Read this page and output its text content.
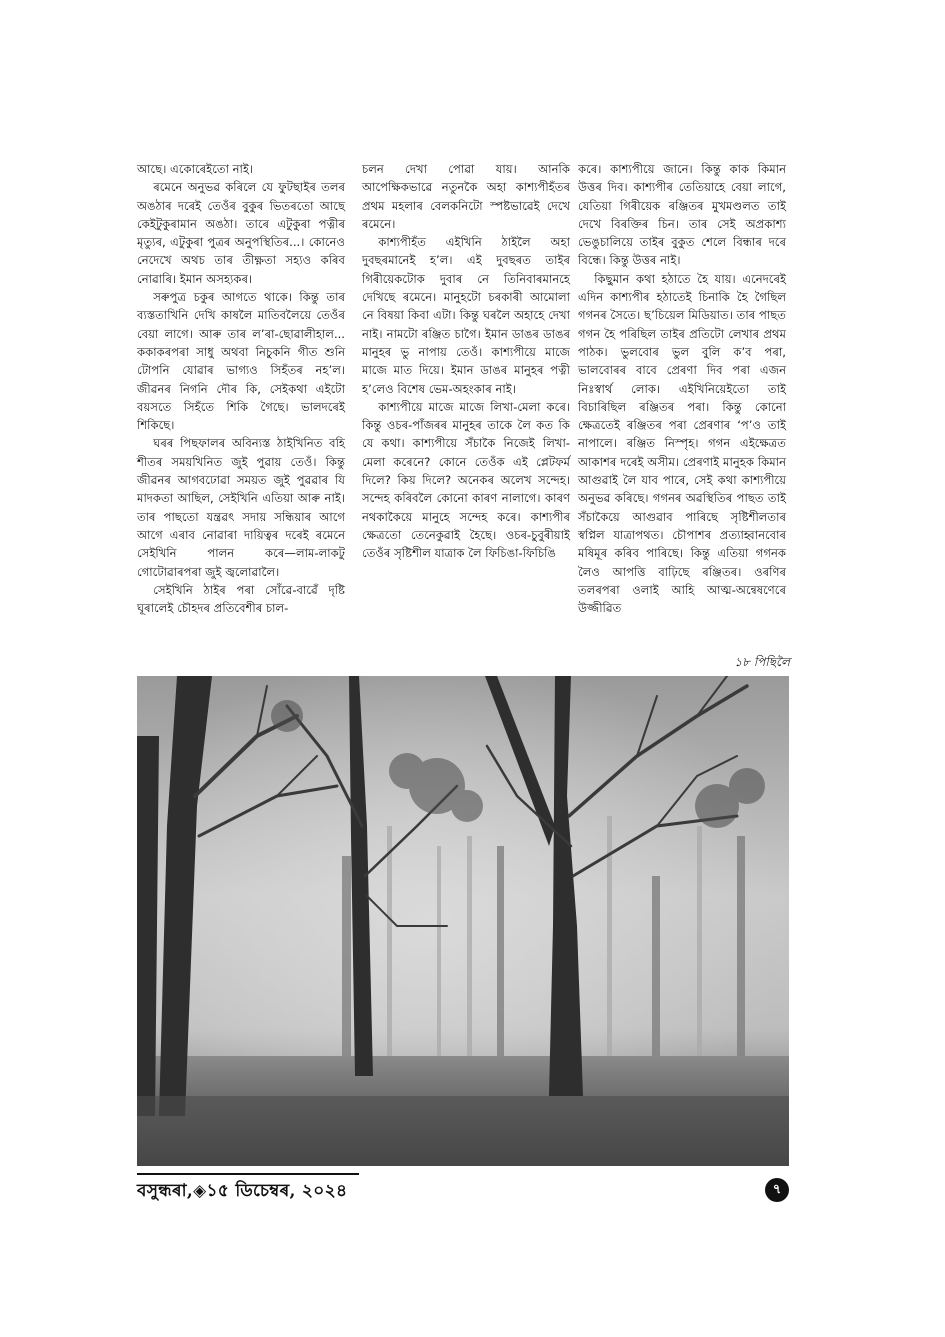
আছে। একোৰেইতো নাই।

ৰমেনে অনুভৱ কৰিলে যে ফুটছাইৰ তলৰ অঙঠাৰ দৰেই তেওঁৰ বুকুৰ ভিতৰতো আছে কেইটুকুৰামান অঙঠা। তাৰে এটুকুৰা পত্নীৰ মৃত্যুৰ, এটুকুৰা পুত্ৰৰ অনুপস্থিতিৰ...। কোনেও নেদেখে অথচ তাৰ তীক্ষ্ণতা সহ্যও কৰিব নোৱাৰি। ইমান অসহ্যকৰ।

সৰুপুত্ৰ চকুৰ আগতে থাকে। কিন্তু তাৰ ব্যস্ততাখিনি দেখি কাষলৈ মাতিবলৈয়ে তেওঁৰ বেয়া লাগে। আৰু তাৰ ল’ৰা-ছোৱালীহাল... ককাকৰপৰা সাধু অথবা নিচুকনি গীত শুনি টোপনি যোৱাৰ ভাগ্যও সিহঁতৰ নহ’ল। জীৱনৰ নিগনি দৌৰ কি, সেইকথা এইটো বয়সতে সিহঁতে শিকি গৈছে। ভালদৰেই শিকিছে।

ঘৰৰ পিছফালৰ অবিন্যস্ত ঠাইখিনিত বহি শীতৰ সময়খিনিত জুই পুৱায় তেওঁ। কিন্তু জীৱনৰ আগবঢোৱা সময়ত জুই পুৱৱাৰ যি মাদকতা আছিল, সেইখিনি এতিয়া আৰু নাই। তাৰ পাছতো যন্ত্ৰৱৎ সদায় সন্ধিয়াৰ আগে আগে এৰাব নোৱাৰা দায়িত্বৰ দৰেই ৰমেনে সেইখিনি পালন কৰে—লাম-লাকটু গোটোৱাৰপৰা জুই জ্বলোৱালৈ।

সেইখিনি ঠাইৰ পৰা সোঁৱে-বাৱেঁ দৃষ্টি ঘূৰালেই চৌহদৰ প্ৰতিবেশীৰ চাল-

চলন দেখা পোৱা যায়। আনকি আপেক্ষিকভাৱে নতুনকৈ অহা কাশ্যপীহঁতৰ প্ৰথম মহলাৰ বেলকনিটো স্পষ্টভাৱেই দেখে ৰমেনে।

কাশ্যপীহঁত এইখিনি ঠাইলৈ অহা দুবছৰমানেই হ’ল। এই দুবছৰত তাইৰ গিৰীয়েকটোক দুবাৰ নে তিনিবাৰমানহে দেখিছে ৰমেনে। মানুহটো চৰকাৰী আমোলা নে বিষয়া কিবা এটা। কিন্তু ঘৰলৈ অহাহে দেখা নাই। নামটো ৰঞ্জিত চাগৈ। ইমান ডাঙৰ ডাঙৰ মানুহৰ ভু নাপায় তেওঁ। কাশ্যপীয়ে মাজে মাজে মাত দিয়ে। ইমান ডাঙৰ মানুহৰ পত্নী হ’লেও বিশেষ ভেম-অহংকাৰ নাই।

কাশ্যপীয়ে মাজে মাজে লিখা-মেলা কৰে। কিন্তু ওচৰ-পাঁজৰৰ মানুহৰ তাকে লৈ কত কি যে কথা। কাশ্যপীয়ে সঁচাকৈ নিজেই লিখা-মেলা কৰেনে? কোনে তেওঁক এই প্লেটফৰ্ম দিলে? কিয় দিলে? অনেকৰ অলেখ সন্দেহ। সন্দেহ কৰিবলৈ কোনো কাৰণ নালাগে। কাৰণ নথকাকৈয়ে মানুহে সন্দেহ কৰে। কাশ্যপীৰ ক্ষেত্ৰতো তেনেকুৱাই হৈছে। ওচৰ-চুবুৰীয়াই তেওঁৰ সৃষ্টিশীল যাত্ৰাক লৈ ফিচিঙা-ফিচিঙি

কৰে। কাশ্যপীয়ে জানে। কিন্তু কাক কিমান উত্তৰ দিব। কাশ্যপীৰ তেতিয়াহে বেয়া লাগে, যেতিয়া গিৰীয়েক ৰঞ্জিতৰ মুখমণ্ডলত তাই দেখে বিৰক্তিৰ চিন। তাৰ সেই অপ্ৰকাশ্য ভেঙুচালিয়ে তাইৰ বুকুত শেলে বিন্ধাৰ দৰে বিন্ধে। কিন্তু উত্তৰ নাই।

কিছুমান কথা হঠাতে হৈ যায়। এনেদৰেই এদিন কাশ্যপীৰ হঠাতেই চিনাকি হৈ গৈছিল গগনৰ সৈতে। ছ’চিয়েল মিডিয়াত। তাৰ পাছত গগন হৈ পৰিছিল তাইৰ প্ৰতিটো লেখাৰ প্ৰথম পাঠক। ভুলবোৰ ভুল বুলি ক’ব পৰা, ভালবোৰৰ বাবে প্ৰেৰণা দিব পৰা এজন নিঃস্বাৰ্থ লোক। এইখিনিয়েইতো তাই বিচাৰিছিল ৰঞ্জিতৰ পৰা। কিন্তু কোনো ক্ষেত্ৰতেই ৰঞ্জিতৰ পৰা প্ৰেৰণাৰ ‘প’ও তাই নাপালে। ৰঞ্জিত নিস্পৃহ। গগন এইক্ষেত্ৰত আকাশৰ দৰেই অসীম। প্ৰেৰণাই মানুহক কিমান আগুৱাই লৈ যাব পাৰে, সেই কথা কাশ্যপীয়ে অনুভৱ কৰিছে। গগনৰ অৱস্থিতিৰ পাছত তাই সঁচাকৈয়ে আগুৱাব পাৰিছে সৃষ্টিশীলতাৰ স্বপ্নিল যাত্ৰাপথত। চৌপাশৰ প্ৰত্যাহ্বানবোৰ মষিমূৰ কৰিব পাৰিছে। কিন্তু এতিয়া গগনক লৈও আপত্তি বাঢ়িছে ৰঞ্জিতৰ। ওৰণিৰ তলৰপৰা ওলাই আহি আত্ম-অন্বেষণেৰে উজ্জীৱিত

১৮ পিছিলৈ
বসুন্ধৰা,◈১৫ ডিচেম্বৰ, ২০২৪	৭
